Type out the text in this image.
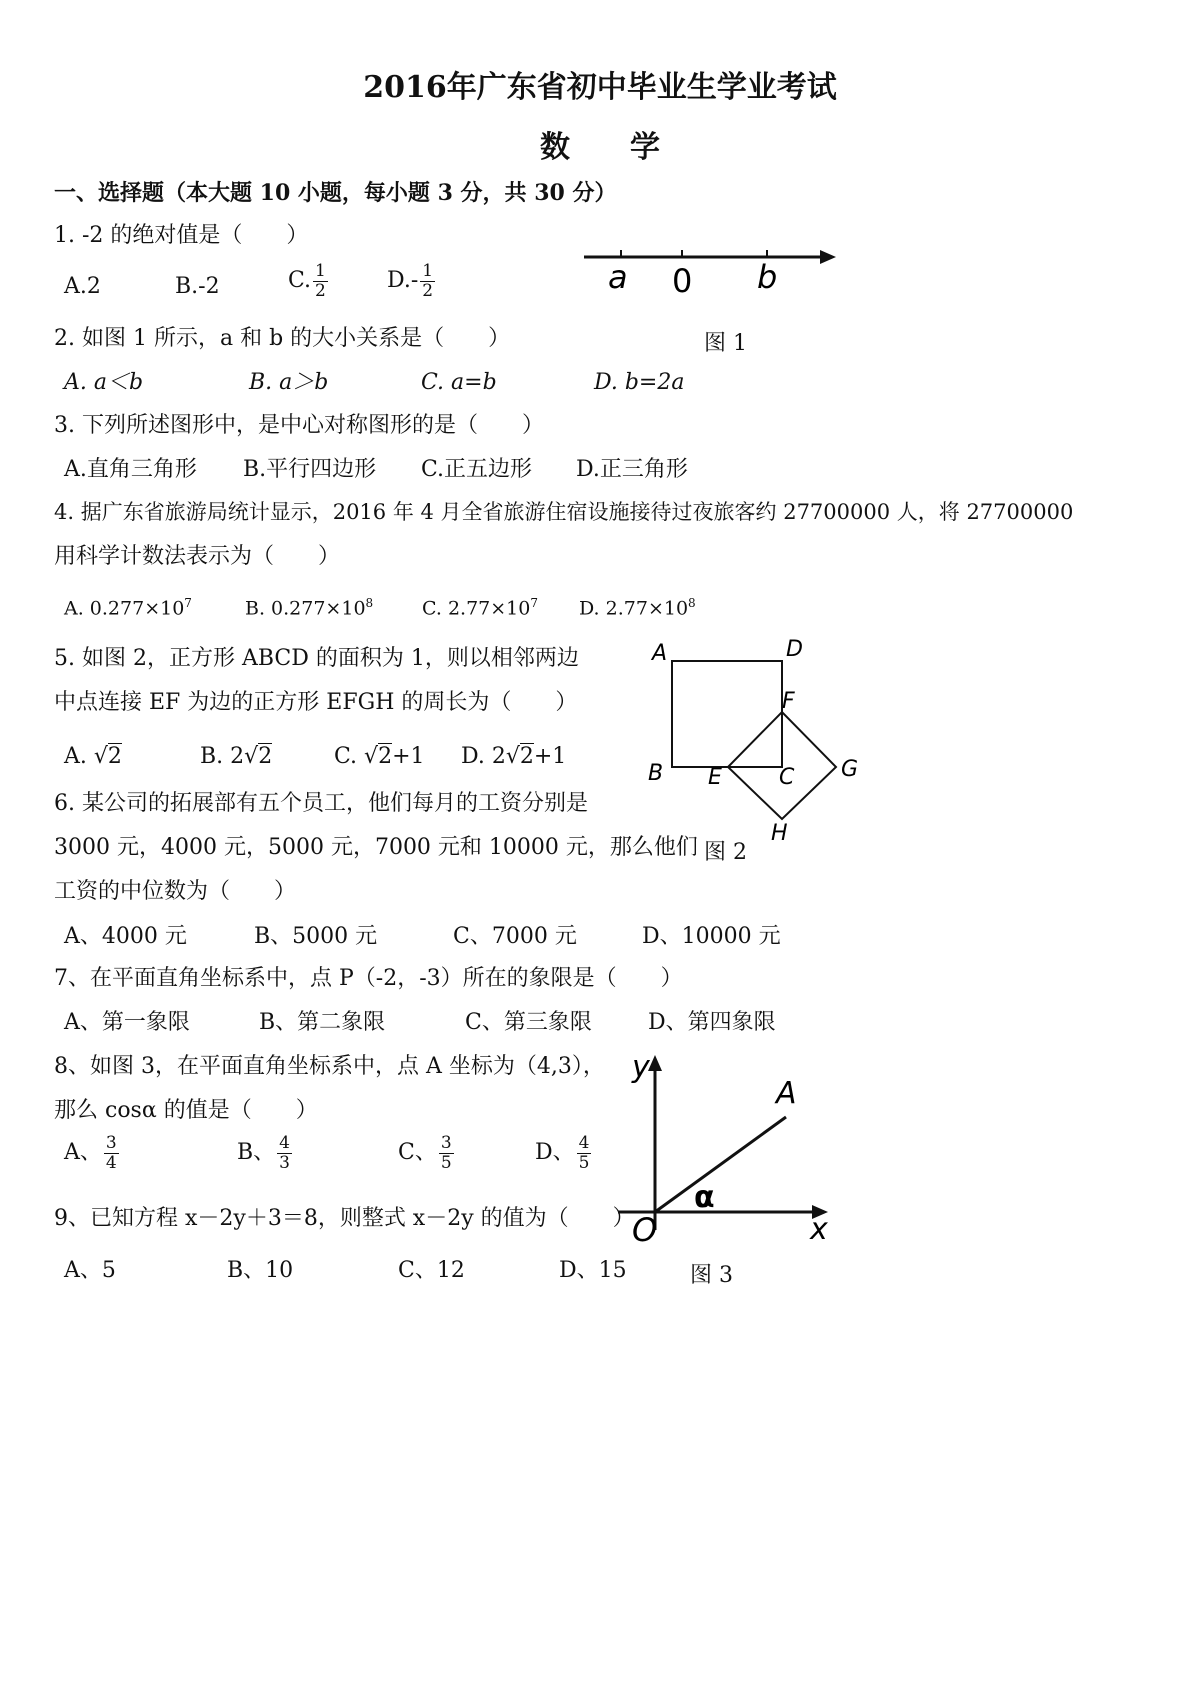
2016年广东省初中毕业生学业考试
数　　学
一、选择题（本大题 10 小题，每小题 3 分，共 30 分）
1. -2 的绝对值是（　　）
A.2	B.-2	C. $\frac{1}{2}$	$D.- \frac{1}{2}$	a 0 b
图 1
2. 如图 1 所示，a 和 b 的大小关系是（　　）
A. a＜b	B. a＞b	C. a=b	D. b=2a
3. 下列所述图形中，是中心对称图形的是（　　）
A.直角三角形 B.平行四边形 C.正五边形 D.正三角形
4. 据广东省旅游局统计显示，2016 年 4 月全省旅游住宿设施接待过夜旅客约 27700000 人，将 27700000
用科学计数法表示为（　　）
A. $0.277\times 10^7$	B. $0.277\times 10^8$	C. $2.77\times 10^7$ D. $2.77\times 10^8$
5. 如图 2，正方形 ABCD 的面积为 1，则以相邻两边
中点连接 EF 为边的正方形 EFGH 的周长为（　　）
A. √2	B. 2√2	C. √2+1 D. 2√2+1
A	D
F
B E	C G
H
图 2
6. 某公司的拓展部有五个员工，他们每月的工资分别是
3000 元，4000 元，5000 元，7000 元和 10000 元，那么他们
工资的中位数为（　　）
A、4000 元	B、5000 元	C、7000 元	D、10000 元
7、在平面直角坐标系中，点 P（-2，-3）所在的象限是（　　）
A、第一象限	B、第二象限	C、第三象限	D、第四象限
8、如图 3，在平面直角坐标系中，点 A 坐标为（4,3），
那么 cosα 的值是（　　）
A、 $\frac{3}{4}$	B、 $\frac{4}{3}$	C、 $\frac{3}{5}$	D、 $\frac{4}{5}$
y
x
O
A
α
9、已知方程 x－2y＋3＝8，则整式 x－2y 的值为（　　）
A、5	B、10	C、12	D、15	图 3
